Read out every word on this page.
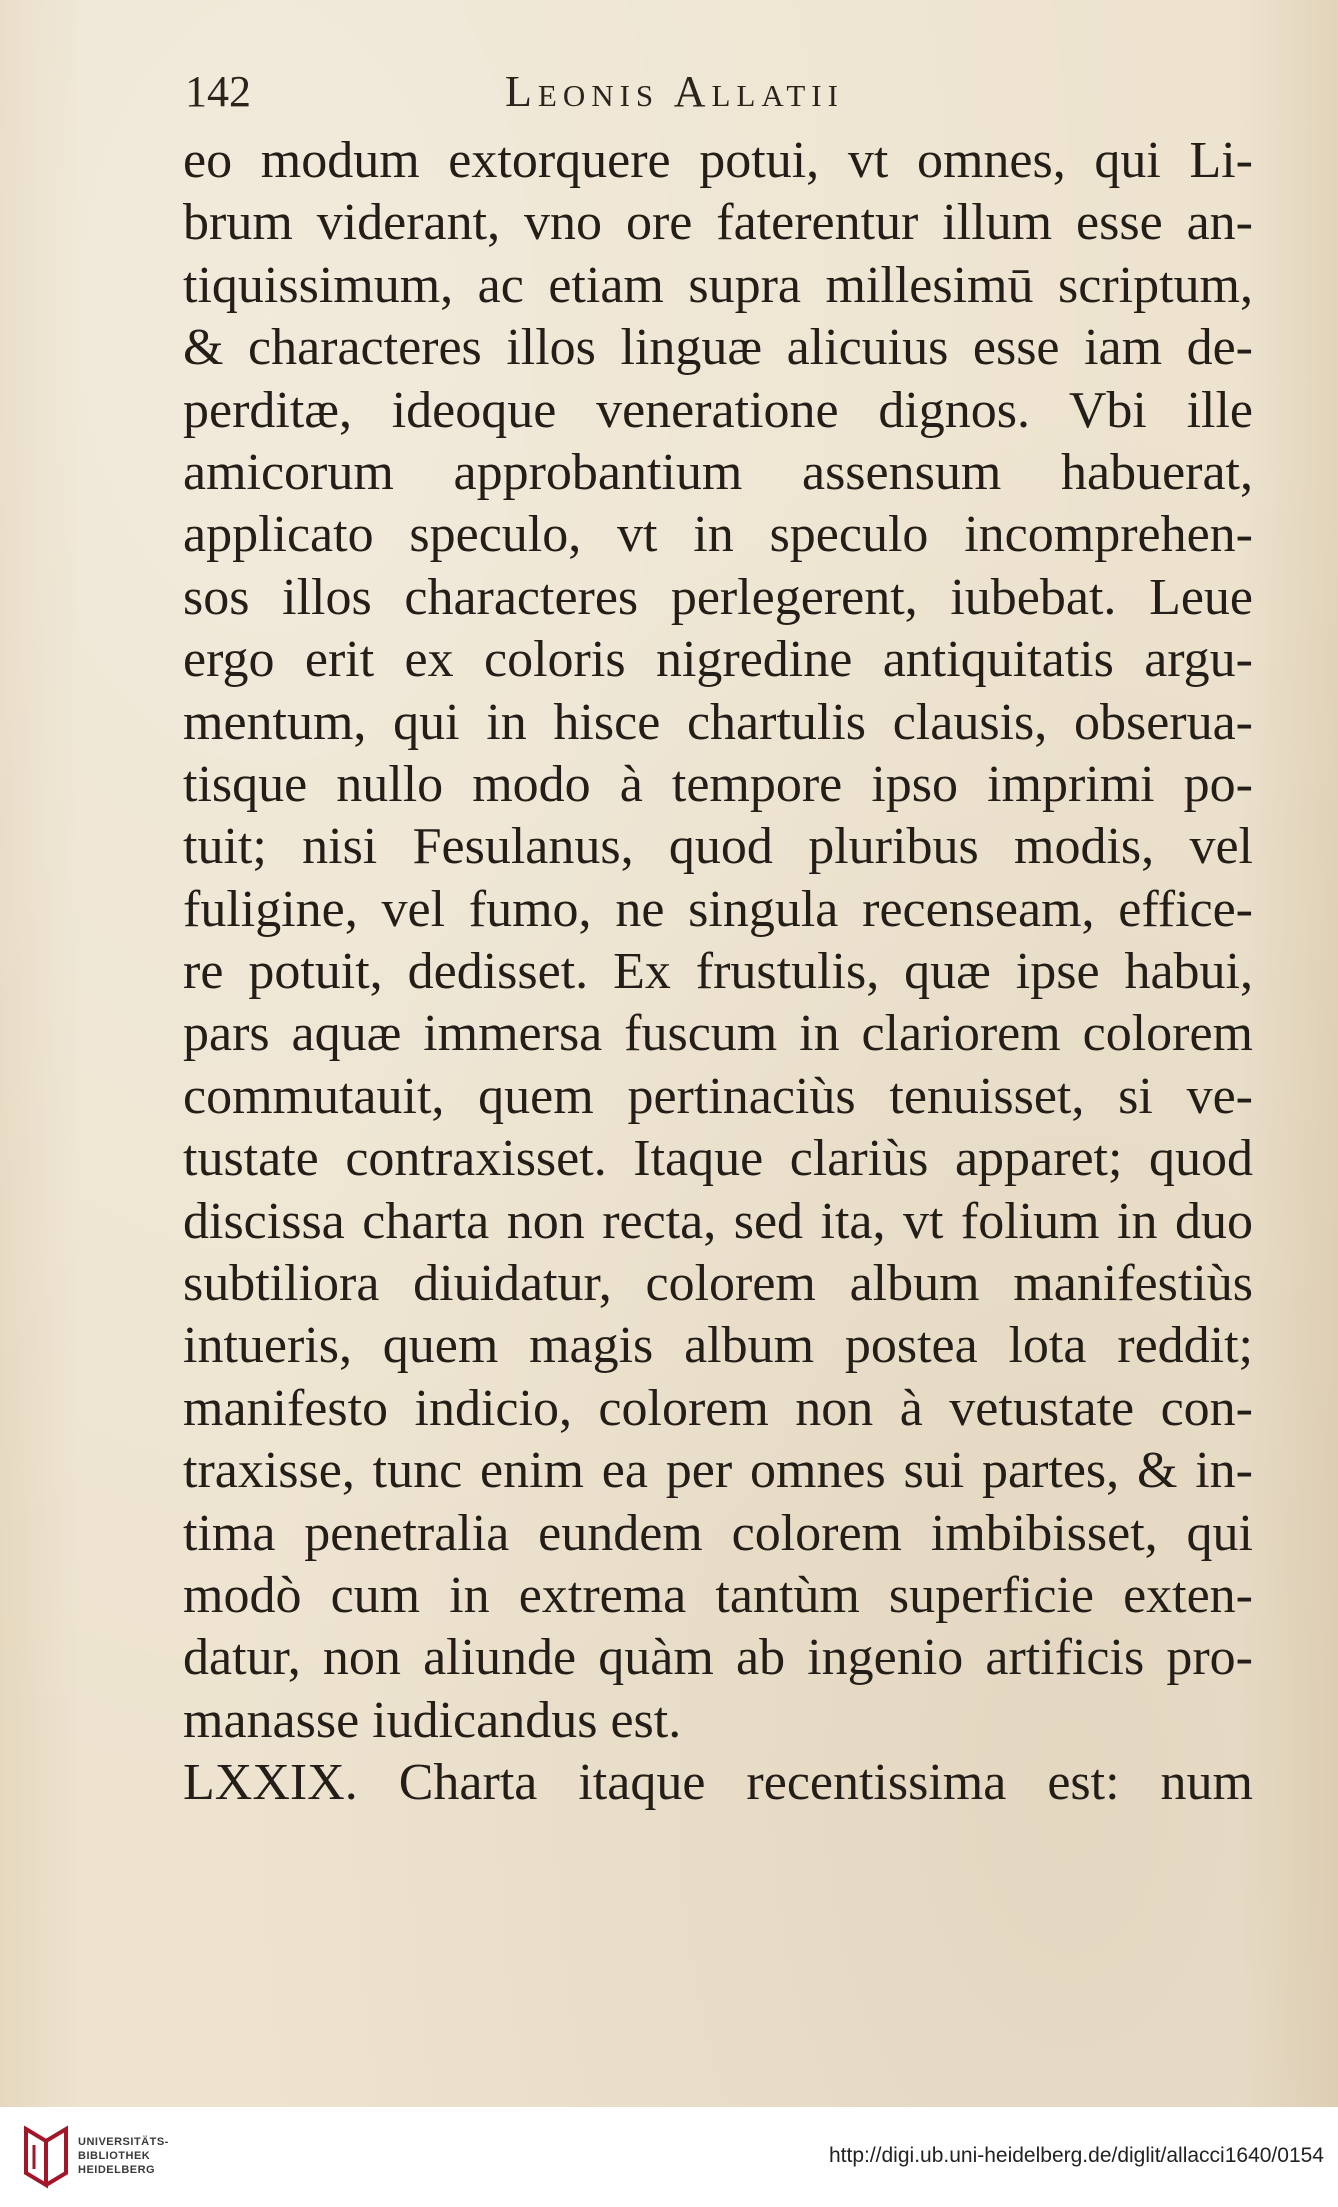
142	Leonis Allatii
eo modum extorquere potui, vt omnes, qui Li-
brum viderant, vno ore faterentur illum esse an-
tiquissimum, ac etiam supra millesimū scriptum,
& characteres illos linguæ alicuius esse iam de-
perditæ, ideoque veneratione dignos. Vbi ille
amicorum approbantium assensum habuerat,
applicato speculo, vt in speculo incomprehen-
sos illos characteres perlegerent, iubebat. Leue
ergo erit ex coloris nigredine antiquitatis argu-
mentum, qui in hisce chartulis clausis, obserua-
tisque nullo modo à tempore ipso imprimi po-
tuit; nisi Fesulanus, quod pluribus modis, vel
fuligine, vel fumo, ne singula recenseam, effice-
re potuit, dedisset. Ex frustulis, quæ ipse habui,
pars aquæ immersa fuscum in clariorem colorem
commutauit, quem pertinaciùs tenuisset, si ve-
tustate contraxisset. Itaque clariùs apparet; quod
discissa charta non recta, sed ita, vt folium in duo
subtiliora diuidatur, colorem album manifestiùs
intueris, quem magis album postea lota reddit;
manifesto indicio, colorem non à vetustate con-
traxisse, tunc enim ea per omnes sui partes, & in-
tima penetralia eundem colorem imbibisset, qui
modò cum in extrema tantùm superficie exten-
datur, non aliunde quàm ab ingenio artificis pro-
manasse iudicandus est.
LXXIX. Charta itaque recentissima est: num
UNIVERSITÄTS-
BIBLIOTHEK
HEIDELBERG
http://digi.ub.uni-heidelberg.de/diglit/allacci1640/0154
